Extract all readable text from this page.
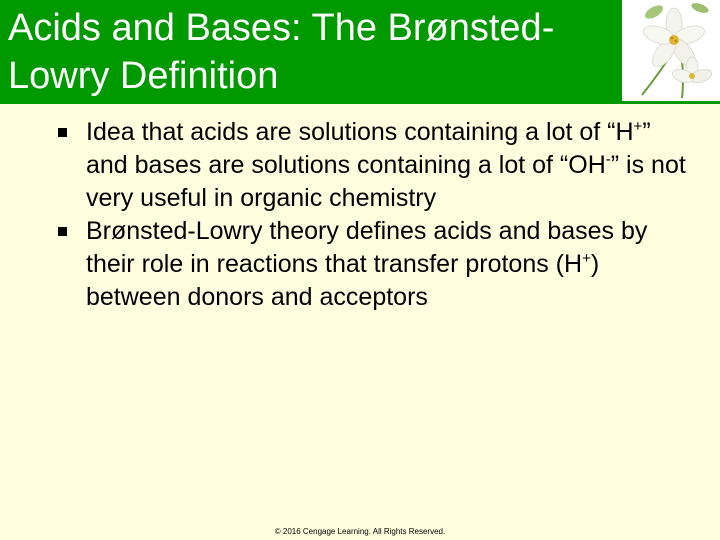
Acids and Bases: The Brønsted-Lowry Definition
Idea that acids are solutions containing a lot of “H+” and bases are solutions containing a lot of “OH-” is not very useful in organic chemistry
Brønsted-Lowry theory defines acids and bases by their role in reactions that transfer protons (H+) between donors and acceptors
© 2016 Cengage Learning. All Rights Reserved.
